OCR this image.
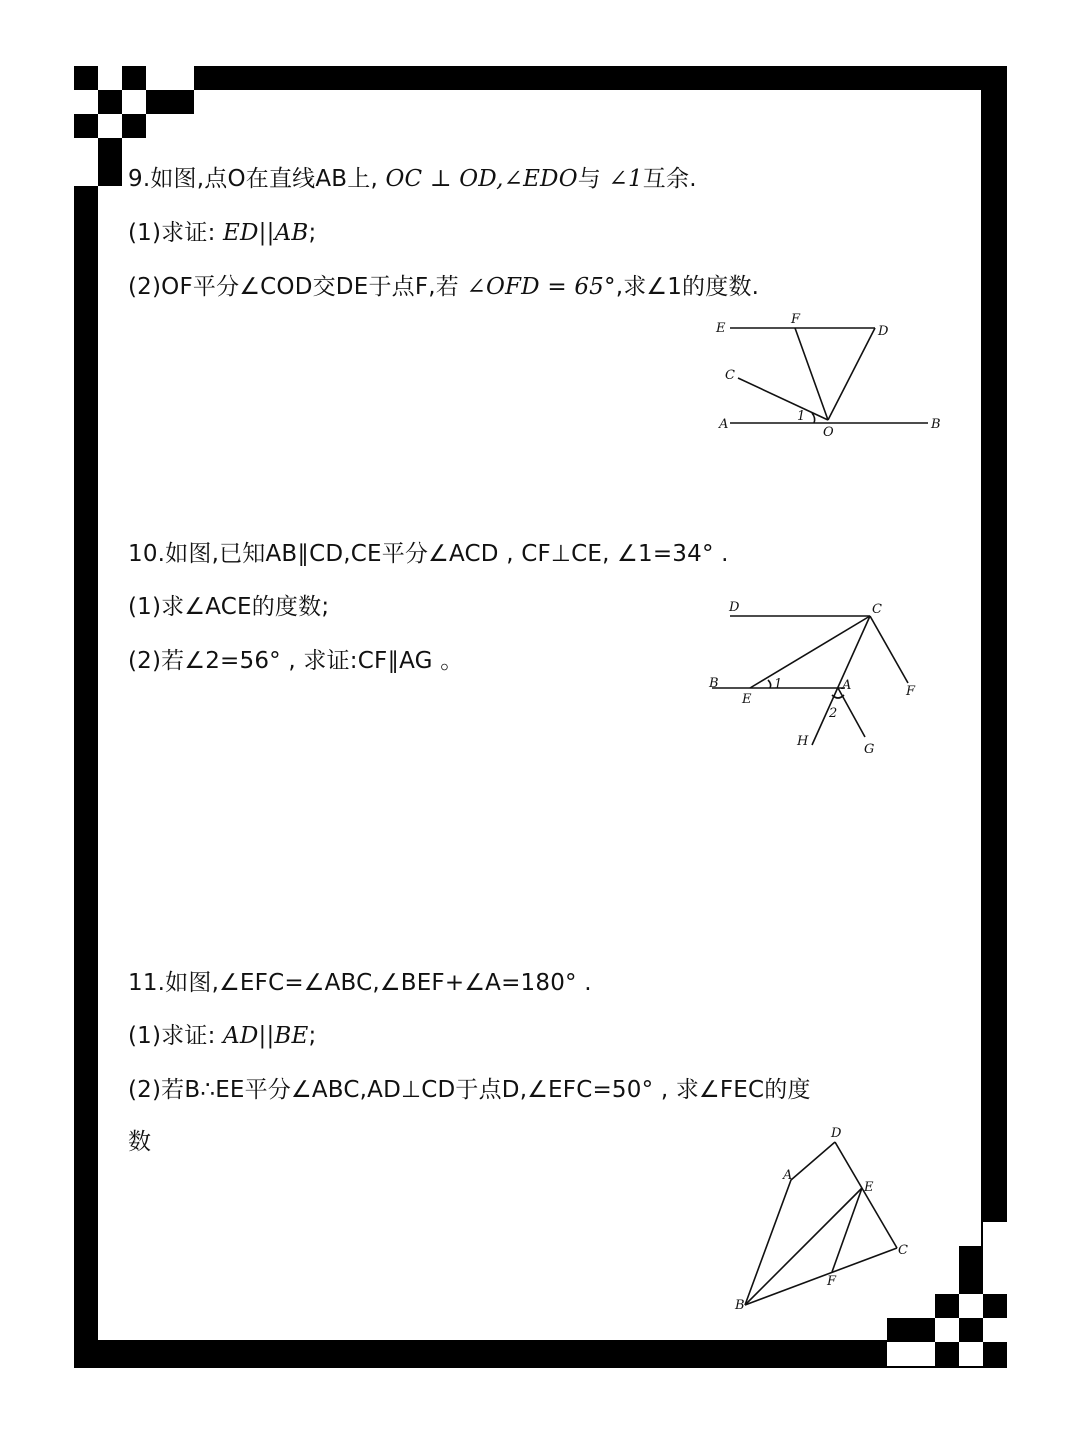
9.如图,点O在直线AB上, OC ⊥ OD,∠EDO与 ∠1互余.
(1)求证: ED||AB;
(2)OF平分∠COD交DE于点F,若 ∠OFD = 65°,求∠1的度数.
E
F
D
C
A
1
O
B
10.如图,已知AB∥CD,CE平分∠ACD , CF⊥CE, ∠1=34° .
(1)求∠ACE的度数;
(2)若∠2=56° , 求证:CF∥AG 。
D	C
B	1	A	F
E
2
H
G
11.如图,∠EFC=∠ABC,∠BEF+∠A=180° .
(1)求证: AD||BE;
(2)若B∴EE平分∠ABC,AD⊥CD于点D,∠EFC=50° , 求∠FEC的度
数	D
A
E
C
F
B
